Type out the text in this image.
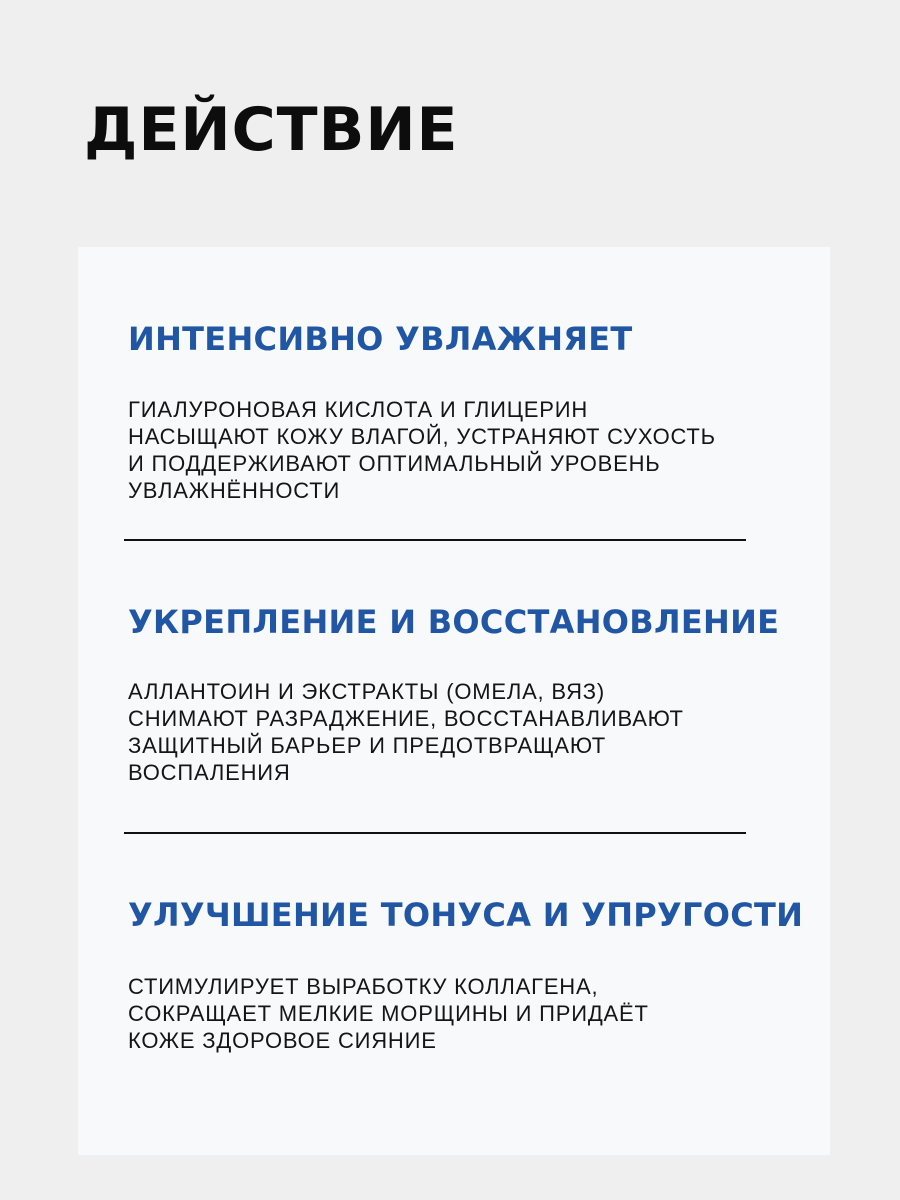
ДЕЙСТВИЕ
ИНТЕНСИВНО УВЛАЖНЯЕТ

ГИАЛУРОНОВАЯ КИСЛОТА И ГЛИЦЕРИН
НАСЫЩАЮТ КОЖУ ВЛАГОЙ, УСТРАНЯЮТ СУХОСТЬ
И ПОДДЕРЖИВАЮТ ОПТИМАЛЬНЫЙ УРОВЕНЬ
УВЛАЖНЁННОСТИ

УКРЕПЛЕНИЕ И ВОССТАНОВЛЕНИЕ

АЛЛАНТОИН И ЭКСТРАКТЫ (ОМЕЛА, ВЯЗ)
СНИМАЮТ РАЗРАДЖЕНИЕ, ВОССТАНАВЛИВАЮТ
ЗАЩИТНЫЙ БАРЬЕР И ПРЕДОТВРАЩАЮТ
ВОСПАЛЕНИЯ

УЛУЧШЕНИЕ ТОНУСА И УПРУГОСТИ

СТИМУЛИРУЕТ ВЫРАБОТКУ КОЛЛАГЕНА,
СОКРАЩАЕТ МЕЛКИЕ МОРЩИНЫ И ПРИДАЁТ
КОЖЕ ЗДОРОВОЕ СИЯНИЕ
